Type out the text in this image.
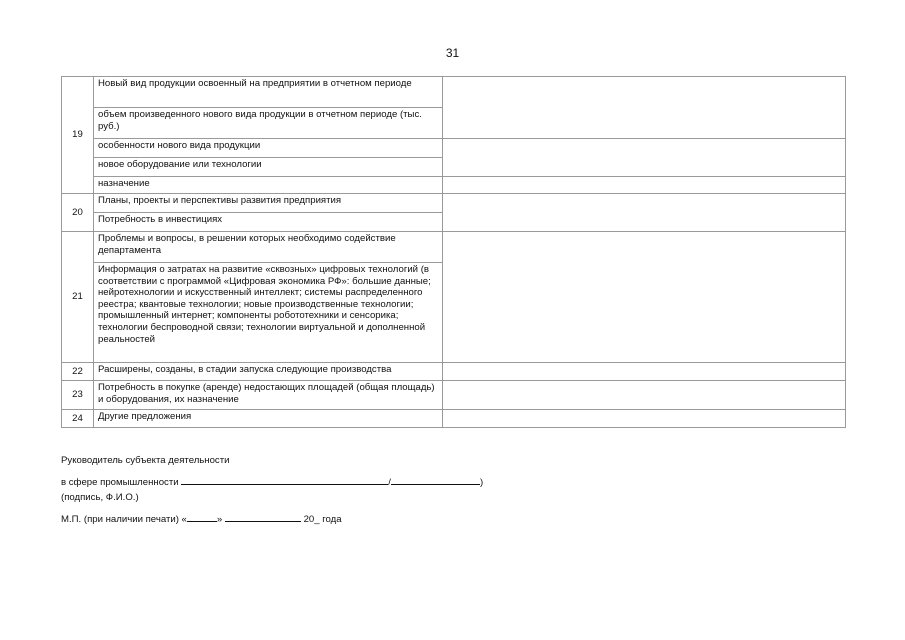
31
19	Новый вид продукции освоенный на предприятии в отчетном периоде	
	объем произведенного нового вида продукции в отчетном периоде (тыс. руб.)	
	особенности нового вида продукции	
	новое оборудование или технологии	
	назначение	
20	Планы, проекты и перспективы развития предприятия	
	Потребность в инвестициях	
21	Проблемы и вопросы, в решении которых необходимо содействие департамента	
	Информация о затратах на развитие «сквозных» цифровых технологий (в соответствии с программой «Цифровая экономика РФ»: большие данные; нейротехнологии и искусственный интеллект; системы распределенного реестра; квантовые технологии; новые производственные технологии; промышленный интернет; компоненты робототехники и сенсорика; технологии беспроводной связи; технологии виртуальной и дополненной реальностей	
22	Расширены, созданы, в стадии запуска следующие производства	
23	Потребность в покупке (аренде) недостающих площадей (общая площадь) и оборудования, их назначение	
24	Другие предложения	
Руководитель субъекта деятельности
в сфере промышленности	/	)
(подпись, Ф.И.О.)
М.П. (при наличии печати) «	»	20_ года
